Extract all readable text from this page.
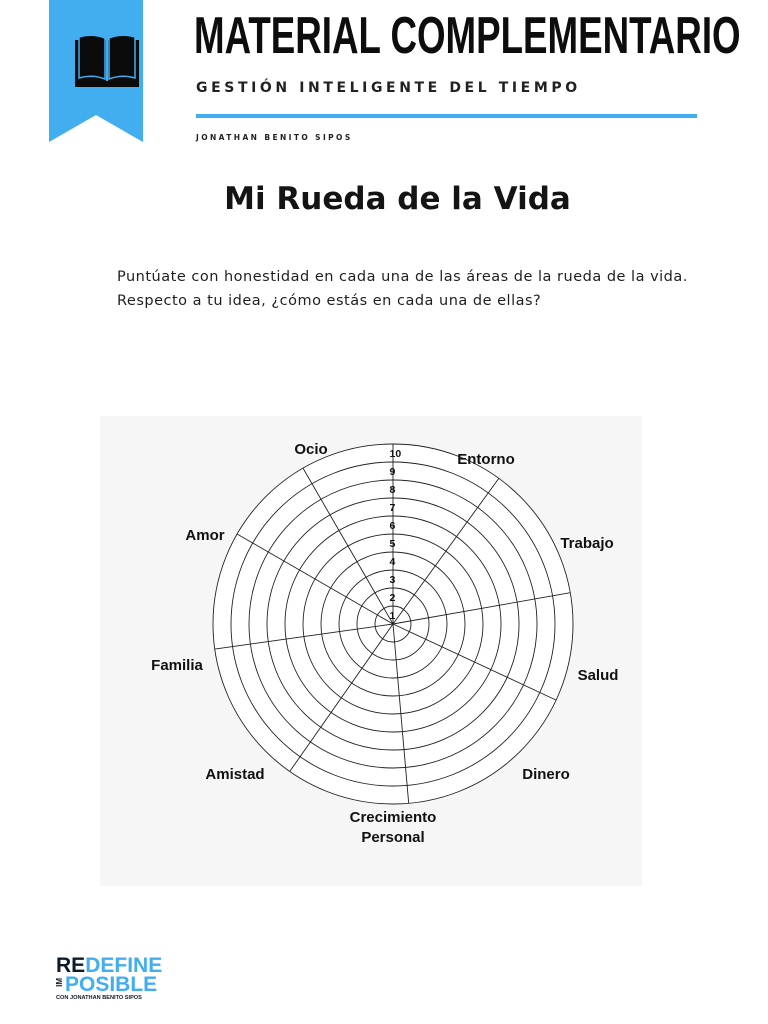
MATERIAL COMPLEMENTARIO
GESTIÓN INTELIGENTE DEL TIEMPO
JONATHAN BENITO SIPOS
Mi Rueda de la Vida

Puntúate con honestidad en cada una de las áreas de la rueda de la vida. Respecto a tu idea, ¿cómo estás en cada una de ellas?

1
2
3
4
5
6
7
8
9
10
Ocio
Entorno
Trabajo
Salud
Dinero
Crecimiento Personal
Amistad
Familia
Amor
REDEFINE
IMPOSIBLE
CON JONATHAN BENITO SIPOS
